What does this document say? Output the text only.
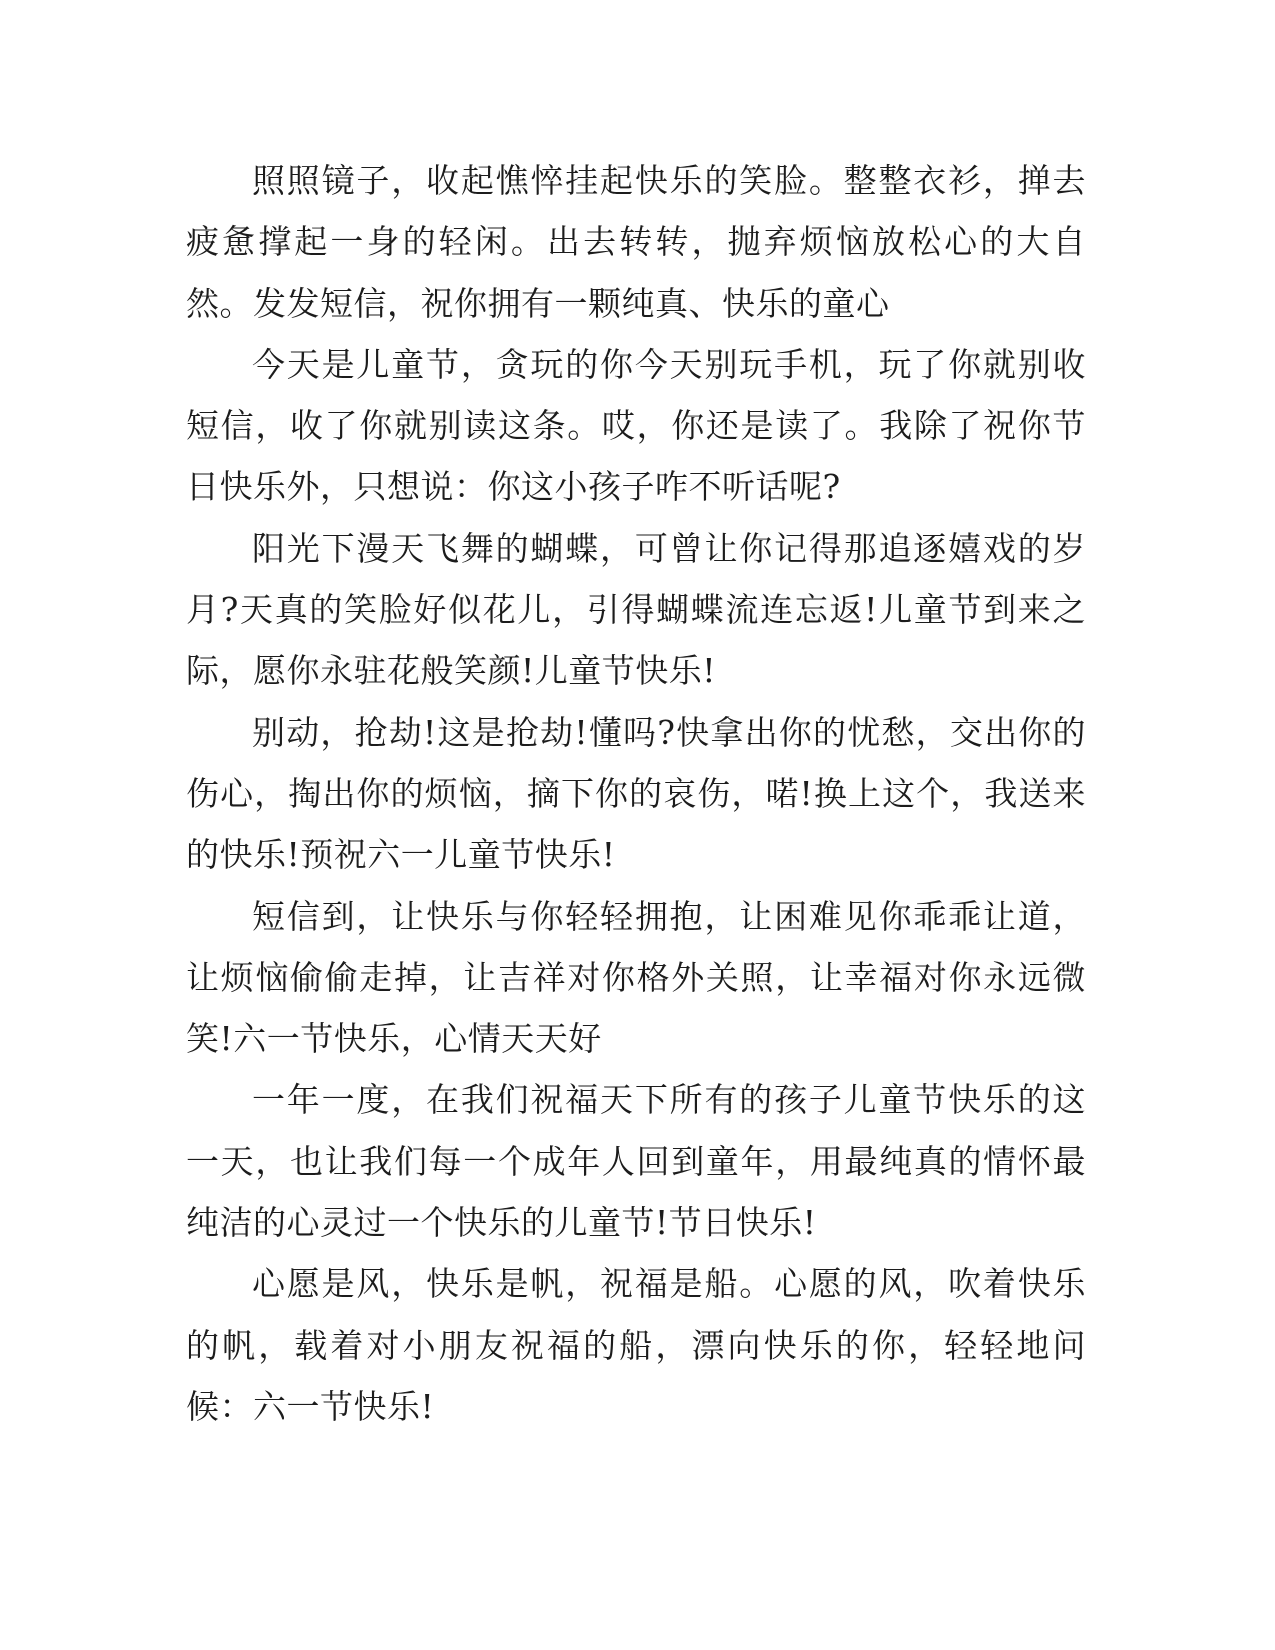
照照镜子，收起憔悴挂起快乐的笑脸。整整衣衫，掸去疲惫撑起一身的轻闲。出去转转，抛弃烦恼放松心的大自然。发发短信，祝你拥有一颗纯真、快乐的童心

今天是儿童节，贪玩的你今天别玩手机，玩了你就别收短信，收了你就别读这条。哎，你还是读了。我除了祝你节日快乐外，只想说：你这小孩子咋不听话呢?

阳光下漫天飞舞的蝴蝶，可曾让你记得那追逐嬉戏的岁月?天真的笑脸好似花儿，引得蝴蝶流连忘返!儿童节到来之际，愿你永驻花般笑颜!儿童节快乐!

别动，抢劫!这是抢劫!懂吗?快拿出你的忧愁，交出你的伤心，掏出你的烦恼，摘下你的哀伤，喏!换上这个，我送来的快乐!预祝六一儿童节快乐!

短信到，让快乐与你轻轻拥抱，让困难见你乖乖让道，让烦恼偷偷走掉，让吉祥对你格外关照，让幸福对你永远微笑!六一节快乐，心情天天好

一年一度，在我们祝福天下所有的孩子儿童节快乐的这一天，也让我们每一个成年人回到童年，用最纯真的情怀最纯洁的心灵过一个快乐的儿童节!节日快乐!

心愿是风，快乐是帆，祝福是船。心愿的风，吹着快乐的帆，载着对小朋友祝福的船，漂向快乐的你，轻轻地问候：六一节快乐!
